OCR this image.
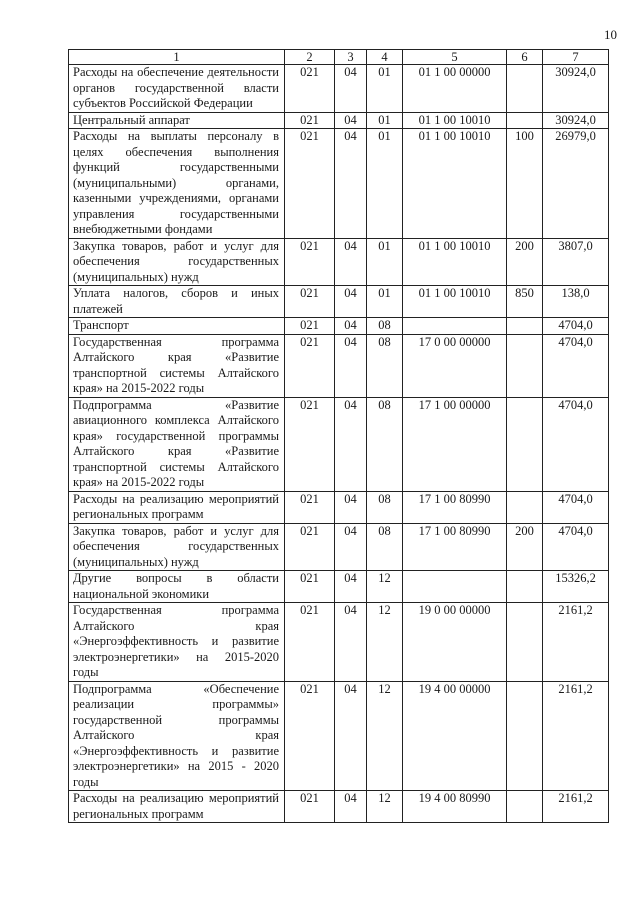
10
1	2	3	4	5	6	7
Расходы на обеспечение деятельности органов государственной власти субъектов Российской Федерации	021	04	01	01 1 00 00000		30924,0
Центральный аппарат	021	04	01	01 1 00 10010		30924,0
Расходы на выплаты персоналу в целях обеспечения выполнения функций государственными (муниципальными) органами, казенными учреждениями, органами управления государственными внебюджетными фондами	021	04	01	01 1 00 10010	100	26979,0
Закупка товаров, работ и услуг для обеспечения государственных (муниципальных) нужд	021	04	01	01 1 00 10010	200	3807,0
Уплата налогов, сборов и иных платежей	021	04	01	01 1 00 10010	850	138,0
Транспорт	021	04	08			4704,0
Государственная программа Алтайского края «Развитие транспортной системы Алтайского края» на 2015-2022 годы	021	04	08	17 0 00 00000		4704,0
Подпрограмма «Развитие авиационного комплекса Алтайского края» государственной программы Алтайского края «Развитие транспортной системы Алтайского края» на 2015-2022 годы	021	04	08	17 1 00 00000		4704,0
Расходы на реализацию мероприятий региональных программ	021	04	08	17 1 00 80990		4704,0
Закупка товаров, работ и услуг для обеспечения государственных (муниципальных) нужд	021	04	08	17 1 00 80990	200	4704,0
Другие вопросы в области национальной экономики	021	04	12			15326,2
Государственная программа Алтайского края «Энергоэффективность и развитие электроэнергетики» на 2015-2020 годы	021	04	12	19 0 00 00000		2161,2
Подпрограмма «Обеспечение реализации программы» государственной программы Алтайского края «Энергоэффективность и развитие электроэнергетики» на 2015 - 2020 годы	021	04	12	19 4 00 00000		2161,2
Расходы на реализацию мероприятий региональных программ	021	04	12	19 4 00 80990		2161,2
